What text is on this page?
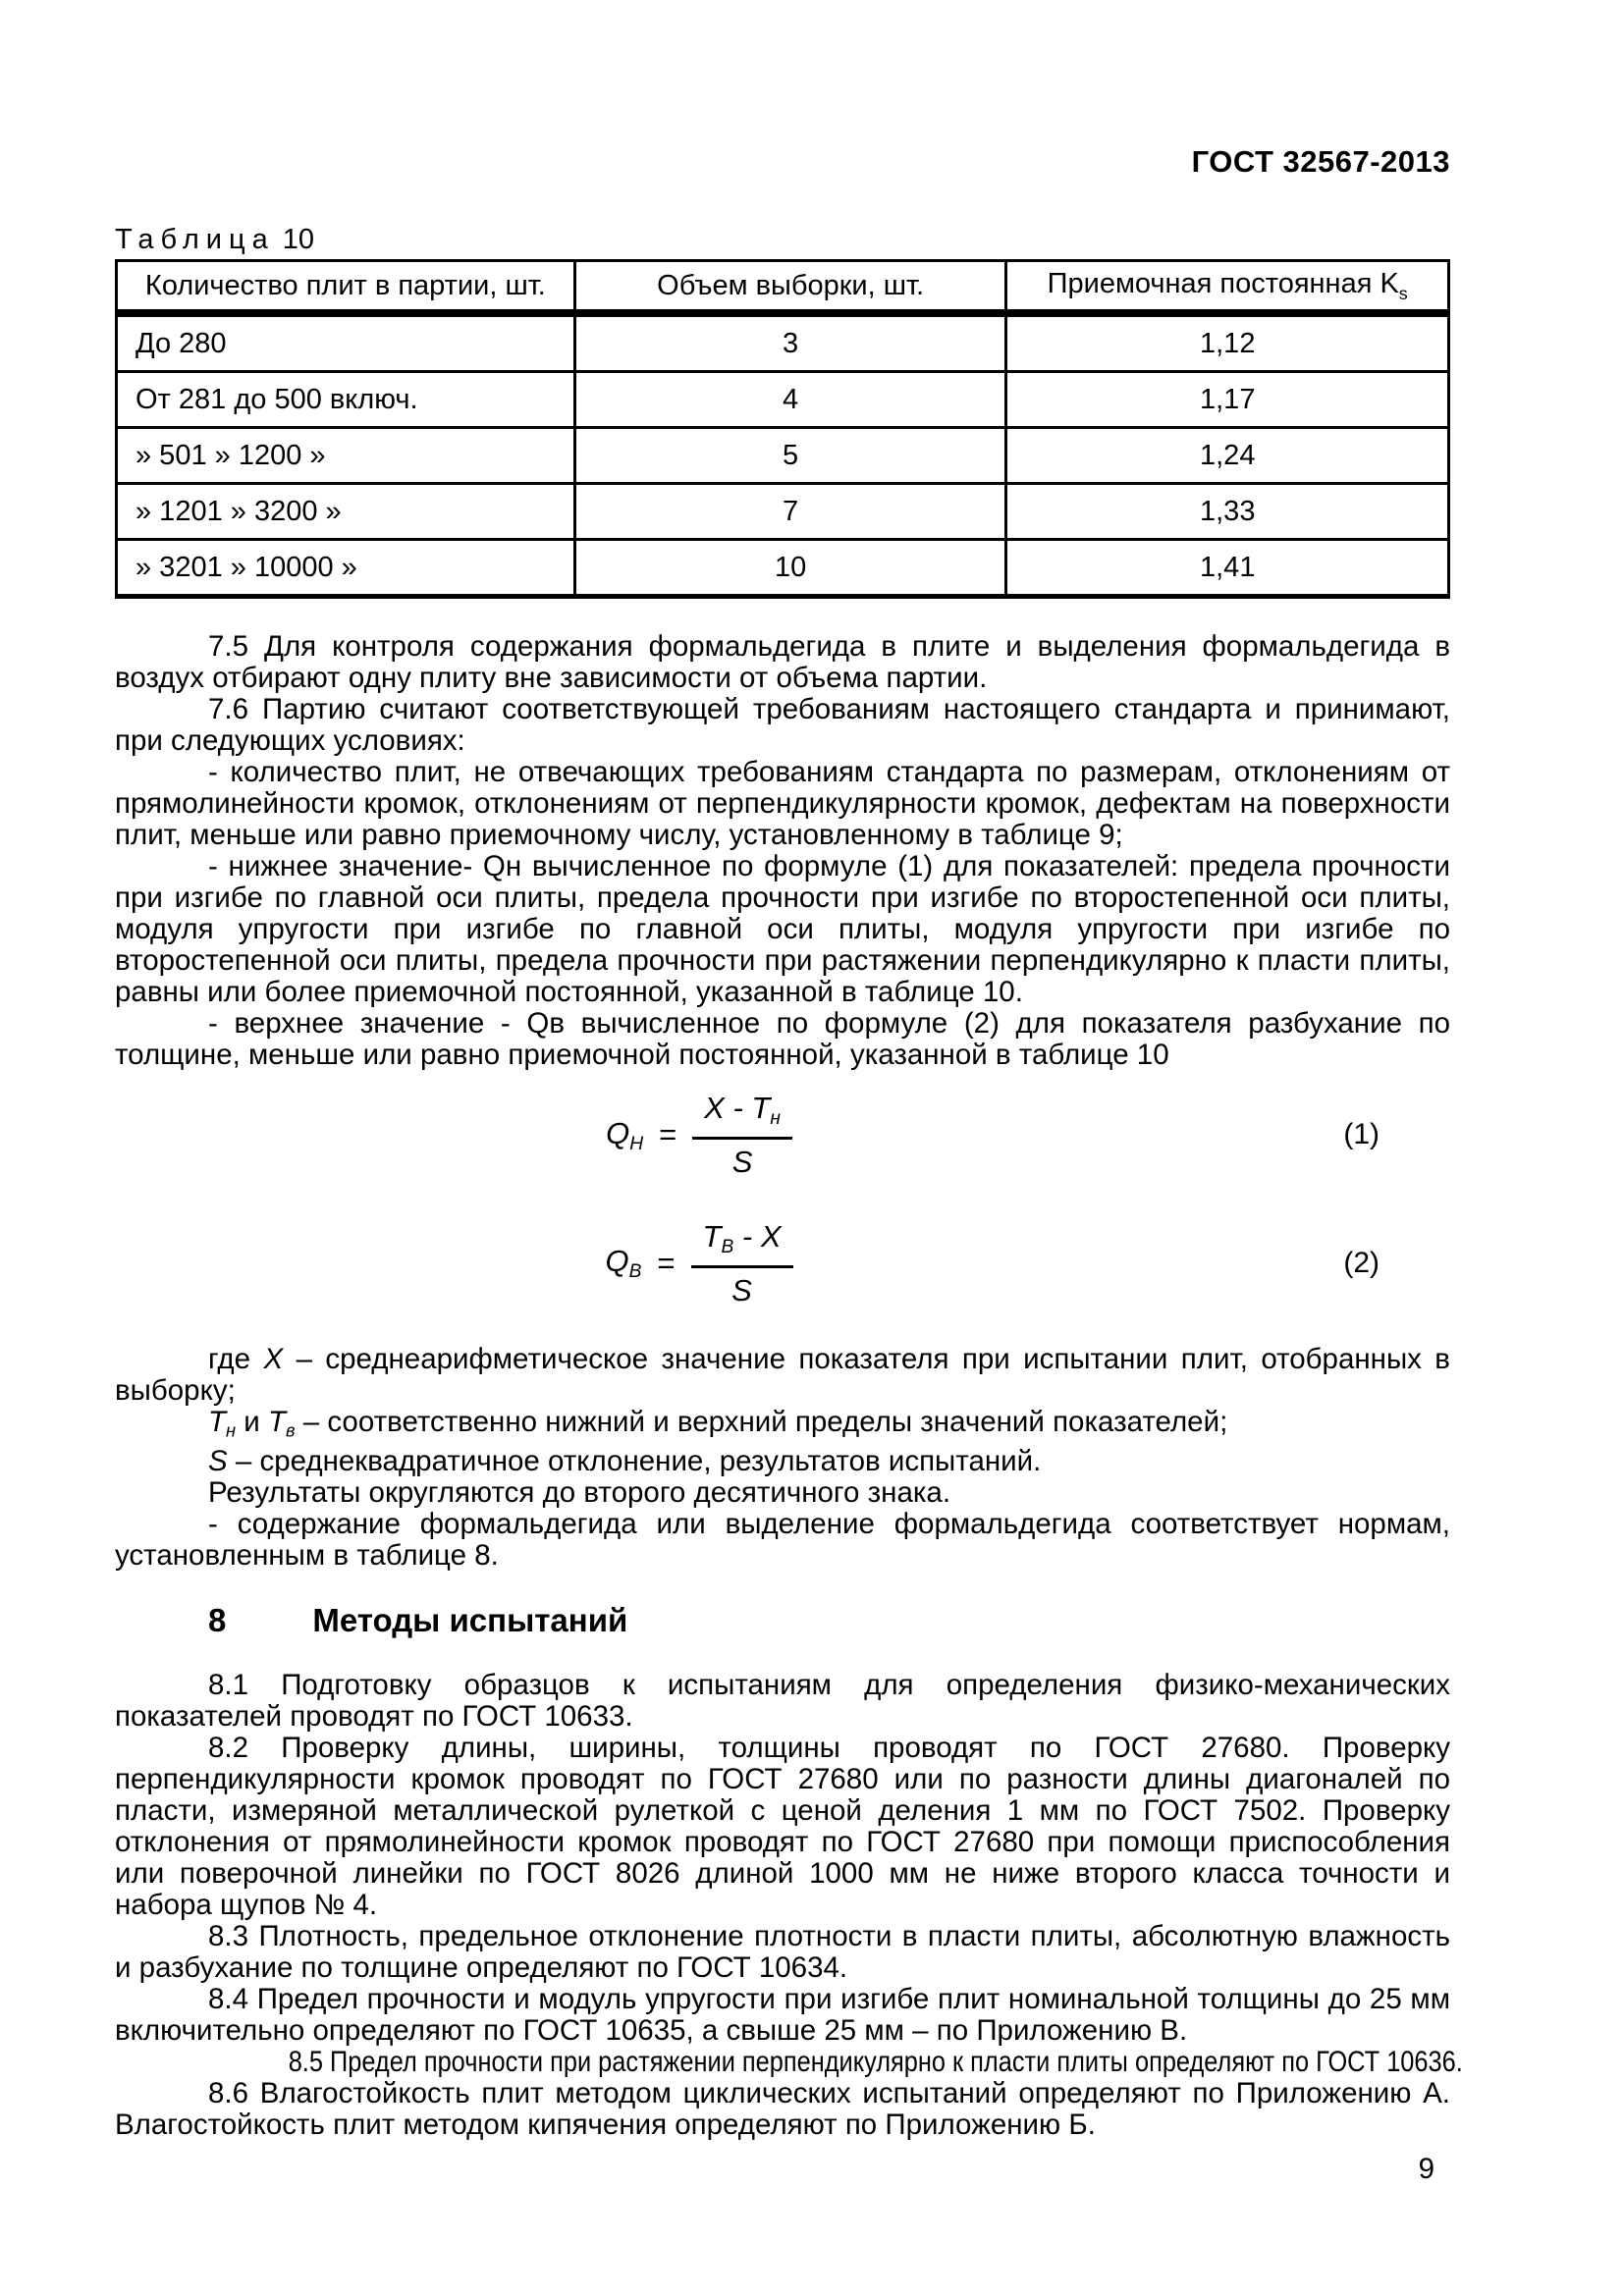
ГОСТ 32567-2013
Таблица 10
Количество плит в партии, шт.	Объем выборки, шт.	Приемочная постоянная $K_s$
До 280	3	1,12
От 281 до 500 включ.	4	1,17
» 501 » 1200 »	5	1,24
» 1201 » 3200 »	7	1,33
» 3201 » 10000 »	10	1,41

7.5 Для контроля содержания формальдегида в плите и выделения формальдегида в воздух отбирают одну плиту вне зависимости от объема партии.

7.6 Партию считают соответствующей требованиям настоящего стандарта и принимают, при следующих условиях:

- количество плит, не отвечающих требованиям стандарта по размерам, отклонениям от прямолинейности кромок, отклонениям от перпендикулярности кромок, дефектам на поверхности плит, меньше или равно приемочному числу, установленному в таблице 9;

- нижнее значение- Qн вычисленное по формуле (1) для показателей: предела прочности при изгибе по главной оси плиты, предела прочности при изгибе по второстепенной оси плиты, модуля упругости при изгибе по главной оси плиты, модуля упругости при изгибе по второстепенной оси плиты, предела прочности при растяжении перпендикулярно к пласти плиты, равны или более приемочной постоянной, указанной в таблице 10.

- верхнее значение - Qв вычисленное по формуле (2) для показателя разбухание по толщине, меньше или равно приемочной постоянной, указанной в таблице 10

$Q_Н = \frac{X - T_н}{S}$	(1)
$Q_В = \frac{T_В - X}{S}$	(2)

где X – среднеарифметическое значение показателя при испытании плит, отобранных в выборку;

$Т_н$ и $Т_в$ – соответственно нижний и верхний пределы значений показателей;

S – среднеквадратичное отклонение, результатов испытаний.

Результаты округляются до второго десятичного знака.

- содержание формальдегида или выделение формальдегида соответствует нормам, установленным в таблице 8.

8	Методы испытаний

8.1 Подготовку образцов к испытаниям для определения физико-механических показателей проводят по ГОСТ 10633.

8.2 Проверку длины, ширины, толщины проводят по ГОСТ 27680. Проверку перпендикулярности кромок проводят по ГОСТ 27680 или по разности длины диагоналей по пласти, измеряной металлической рулеткой с ценой деления 1 мм по ГОСТ 7502. Проверку отклонения от прямолинейности кромок проводят по ГОСТ 27680 при помощи приспособления или поверочной линейки по ГОСТ 8026 длиной 1000 мм не ниже второго класса точности и набора щупов № 4.

8.3 Плотность, предельное отклонение плотности в пласти плиты, абсолютную влажность и разбухание по толщине определяют по ГОСТ 10634.

8.4 Предел прочности и модуль упругости при изгибе плит номинальной толщины до 25 мм включительно определяют по ГОСТ 10635, а свыше 25 мм – по Приложению В.

8.5 Предел прочности при растяжении перпендикулярно к пласти плиты определяют по ГОСТ 10636.

8.6 Влагостойкость плит методом циклических испытаний определяют по Приложению А. Влагостойкость плит методом кипячения определяют по Приложению Б.

9
